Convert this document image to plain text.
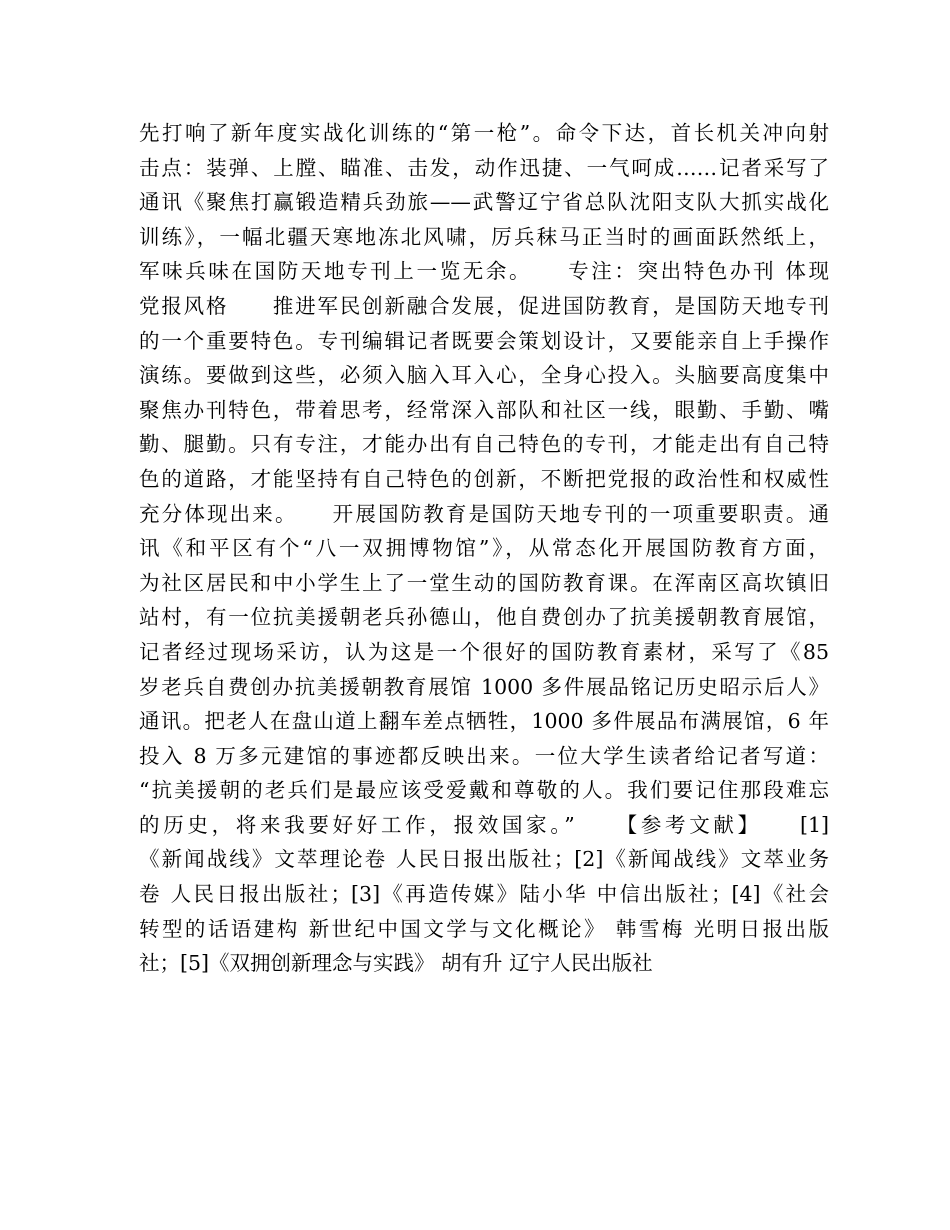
先打响了新年度实战化训练的“第一枪”。命令下达，首长机关冲向射
击点：装弹、上膛、瞄准、击发，动作迅捷、一气呵成……记者采写了
通讯《聚焦打赢锻造精兵劲旅——武警辽宁省总队沈阳支队大抓实战化
训练》，一幅北疆天寒地冻北风啸，厉兵秣马正当时的画面跃然纸上，
军味兵味在国防天地专刊上一览无余。　　专注：突出特色办刊 体现
党报风格　　推进军民创新融合发展，促进国防教育，是国防天地专刊
的一个重要特色。专刊编辑记者既要会策划设计，又要能亲自上手操作
演练。要做到这些，必须入脑入耳入心，全身心投入。头脑要高度集中
聚焦办刊特色，带着思考，经常深入部队和社区一线，眼勤、手勤、嘴
勤、腿勤。只有专注，才能办出有自己特色的专刊，才能走出有自己特
色的道路，才能坚持有自己特色的创新，不断把党报的政治性和权威性
充分体现出来。　　开展国防教育是国防天地专刊的一项重要职责。通
讯《和平区有个“八一双拥博物馆”》，从常态化开展国防教育方面，
为社区居民和中小学生上了一堂生动的国防教育课。在浑南区高坎镇旧
站村，有一位抗美援朝老兵孙德山，他自费创办了抗美援朝教育展馆，
记者经过现场采访，认为这是一个很好的国防教育素材，采写了《85
岁老兵自费创办抗美援朝教育展馆 1000 多件展品铭记历史昭示后人》
通讯。把老人在盘山道上翻车差点牺牲，1000 多件展品布满展馆，6 年
投入 8 万多元建馆的事迹都反映出来。一位大学生读者给记者写道：
“抗美援朝的老兵们是最应该受爱戴和尊敬的人。我们要记住那段难忘
的历史，将来我要好好工作，报效国家。”　　【参考文献】　　[1]
《新闻战线》文萃理论卷 人民日报出版社；[2]《新闻战线》文萃业务
卷 人民日报出版社；[3]《再造传媒》陆小华 中信出版社；[4]《社会
转型的话语建构 新世纪中国文学与文化概论》 韩雪梅 光明日报出版
社；[5]《双拥创新理念与实践》 胡有升 辽宁人民出版社
